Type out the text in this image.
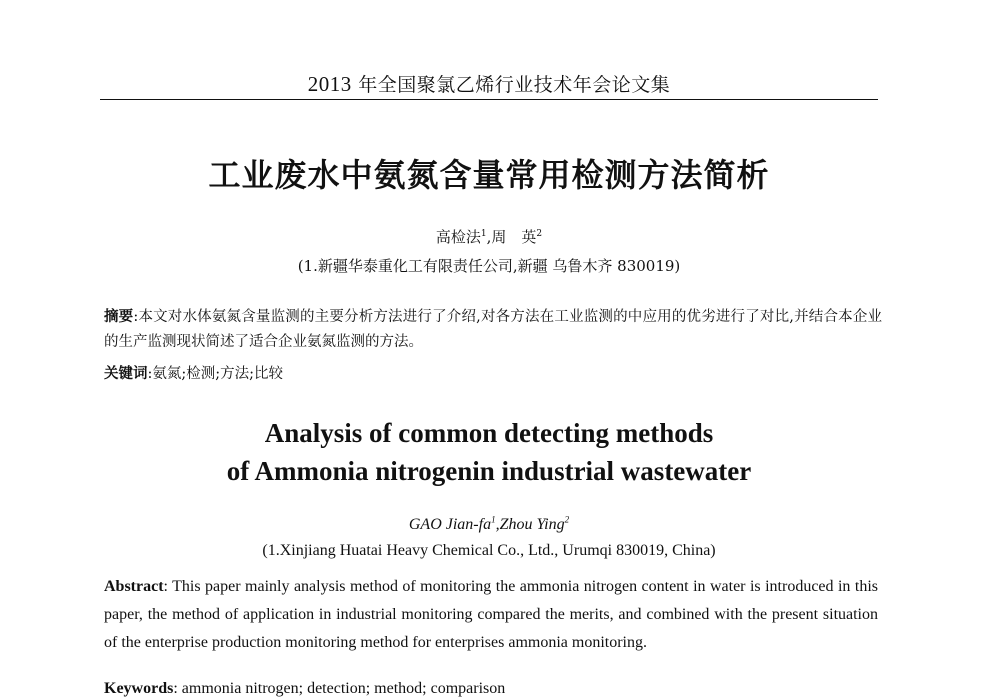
2013 年全国聚氯乙烯行业技术年会论文集
工业废水中氨氮含量常用检测方法简析
高检法$^1$,周　英$^2$
(1.新疆华泰重化工有限责任公司,新疆 乌鲁木齐 830019)
摘要:本文对水体氨氮含量监测的主要分析方法进行了介绍,对各方法在工业监测的中应用的优劣进行了对比,并结合本企业的生产监测现状简述了适合企业氨氮监测的方法。
关键词:氨氮;检测;方法;比较
Analysis of common detecting methods
of Ammonia nitrogenin industrial wastewater
GAO Jian-$fa^1,Zhou$ Ying$^2$
(1.Xinjiang Huatai Heavy Chemical Co., Ltd., Urumqi 830019, China)
Abstract: This paper mainly analysis method of monitoring the ammonia nitrogen content in water is introduced in this paper, the method of application in industrial monitoring compared the merits, and combined with the present situation of the enterprise production monitoring method for enterprises ammonia monitoring.
Keywords: ammonia nitrogen; detection; method; comparison
